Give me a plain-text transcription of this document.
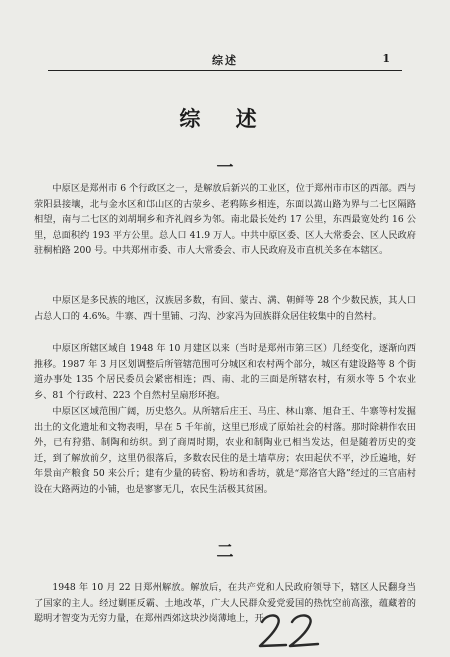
综述	1
综 述
一

中原区是郑州市 6 个行政区之一，是解放后新兴的工业区，位于郑州市市区的西部。西与荥阳县接壤，北与金水区和邙山区的古荥乡、老鸦陈乡相连，东面以嵩山路为界与二七区隔路相望，南与二七区的刘胡垌乡和齐礼阎乡为邻。南北最长处约 17 公里，东西最宽处约 16 公里，总面积约 193 平方公里。总人口 41.9 万人。中共中原区委、区人大常委会、区人民政府驻桐柏路 200 号。中共郑州市委、市人大常委会、市人民政府及市直机关多在本辖区。

中原区是多民族的地区，汉族居多数，有回、蒙古、满、朝鲜等 28 个少数民族，其人口占总人口的 4.6%。牛寨、西十里铺、刁沟、沙家冯为回族群众居住较集中的自然村。

中原区所辖区域自 1948 年 10 月建区以来（当时是郑州市第三区）几经变化，逐渐向西推移。1987 年 3 月区划调整后所管辖范围可分城区和农村两个部分，城区有建设路等 8 个街道办事处 135 个居民委员会紧密相连；西、南、北的三面是所辖农村，有须水等 5 个农业乡、81 个行政村、223 个自然村呈扇形环抱。

中原区区域范围广阔，历史悠久。从所辖后庄王、马庄、林山寨、旭旮王、牛寨等村发掘出土的文化遗址和文物表明，早在 5 千年前，这里已形成了原始社会的村落。那时除耕作农田外，已有狩猎、制陶和纺织。到了商周时期，农业和制陶业已相当发达，但是随着历史的变迁，到了解放前夕，这里仍很落后，多数农民住的是土墙草房；农田起伏不平，沙丘遍地，好年景亩产粮食 50 来公斤；建有少量的砖窑、粉坊和香坊，就是“郑洛官大路”经过的三官庙村设在大路两边的小铺，也是寥寥无几，农民生活极其贫困。

二

1948 年 10 月 22 日郑州解放。解放后，在共产党和人民政府领导下，辖区人民翻身当了国家的主人。经过剿匪反霸、土地改革，广大人民群众爱党爱国的热忱空前高涨，蕴藏着的聪明才智变为无穷力量，在郑州西郊这块沙岗薄地上，开
